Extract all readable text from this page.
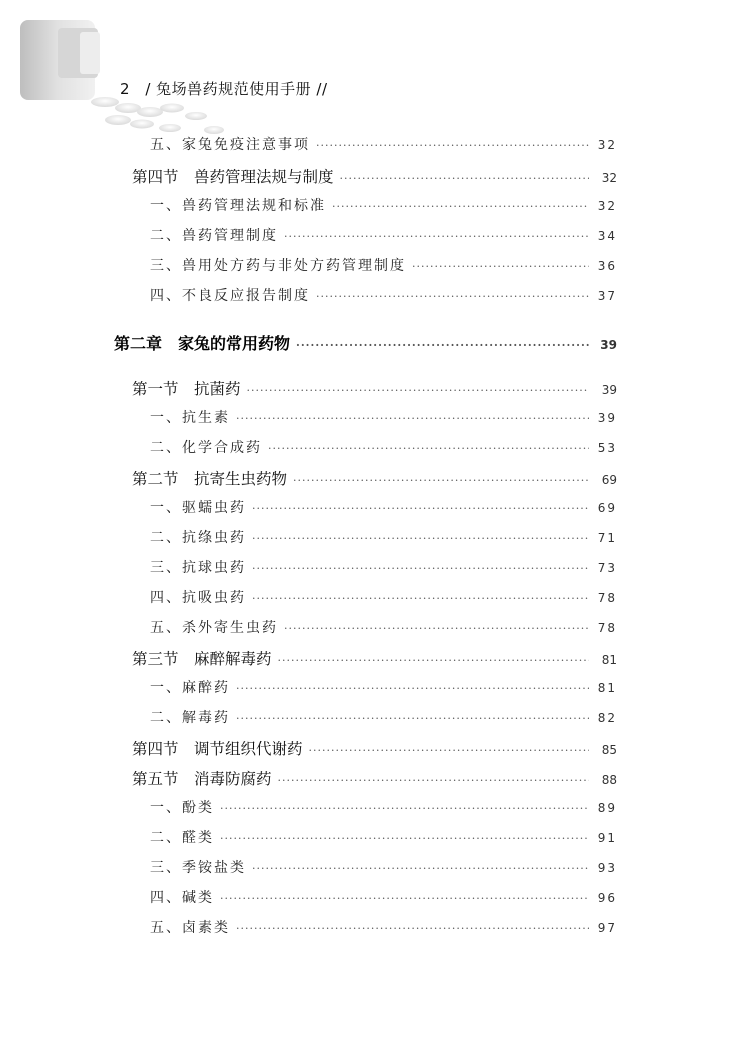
2 / 兔场兽药规范使用手册 //
五、家兔免疫注意事项 ·····	32
第四节　兽药管理法规与制度 ·····	32
一、兽药管理法规和标准 ·····	32
二、兽药管理制度 ·····	34
三、兽用处方药与非处方药管理制度 ·····	36
四、不良反应报告制度 ·····	37
第二章　家兔的常用药物 ·····	39
第一节　抗菌药 ·····	39
一、抗生素 ·····	39
二、化学合成药 ·····	53
第二节　抗寄生虫药物 ·····	69
一、驱蠕虫药 ·····	69
二、抗绦虫药 ·····	71
三、抗球虫药 ·····	73
四、抗吸虫药 ·····	78
五、杀外寄生虫药 ·····	78
第三节　麻醉解毒药 ·····	81
一、麻醉药 ·····	81
二、解毒药 ·····	82
第四节　调节组织代谢药 ·····	85
第五节　消毒防腐药 ·····	88
一、酚类 ·····	89
二、醛类 ·····	91
三、季铵盐类 ·····	93
四、碱类 ·····	96
五、卤素类 ·····	97
